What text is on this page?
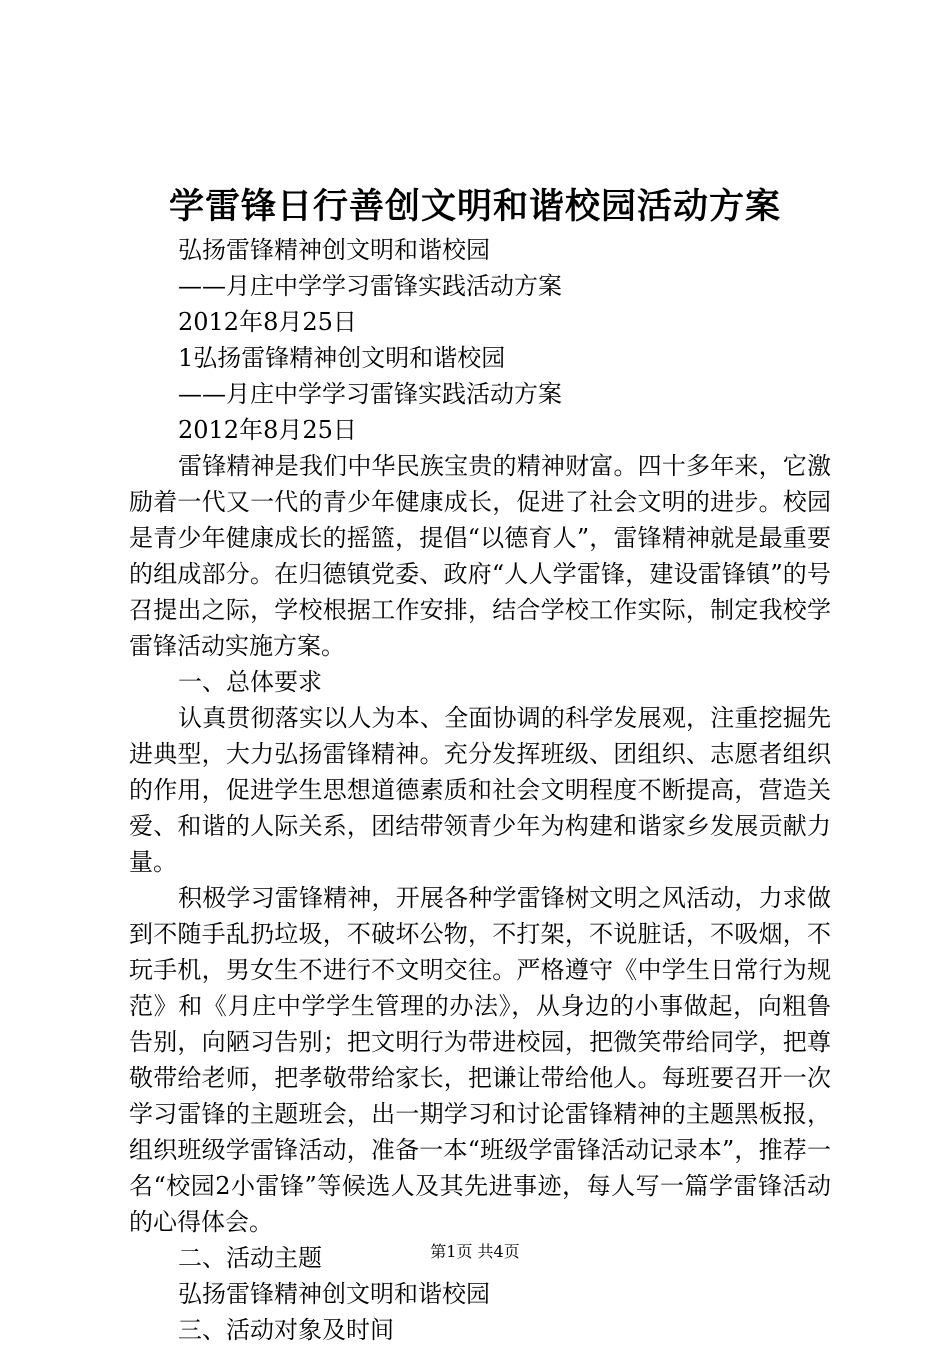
学雷锋日行善创文明和谐校园活动方案

弘扬雷锋精神创文明和谐校园

——月庄中学学习雷锋实践活动方案

2012年8月25日

1弘扬雷锋精神创文明和谐校园

——月庄中学学习雷锋实践活动方案

2012年8月25日

雷锋精神是我们中华民族宝贵的精神财富。四十多年来，它激励着一代又一代的青少年健康成长，促进了社会文明的进步。校园是青少年健康成长的摇篮，提倡“以德育人”，雷锋精神就是最重要的组成部分。在归德镇党委、政府“人人学雷锋，建设雷锋镇”的号召提出之际，学校根据工作安排，结合学校工作实际，制定我校学雷锋活动实施方案。

一、总体要求

认真贯彻落实以人为本、全面协调的科学发展观，注重挖掘先进典型，大力弘扬雷锋精神。充分发挥班级、团组织、志愿者组织的作用，促进学生思想道德素质和社会文明程度不断提高，营造关爱、和谐的人际关系，团结带领青少年为构建和谐家乡发展贡献力量。

积极学习雷锋精神，开展各种学雷锋树文明之风活动，力求做到不随手乱扔垃圾，不破坏公物，不打架，不说脏话，不吸烟，不玩手机，男女生不进行不文明交往。严格遵守《中学生日常行为规范》和《月庄中学学生管理的办法》，从身边的小事做起，向粗鲁告别，向陋习告别；把文明行为带进校园，把微笑带给同学，把尊敬带给老师，把孝敬带给家长，把谦让带给他人。每班要召开一次学习雷锋的主题班会，出一期学习和讨论雷锋精神的主题黑板报，组织班级学雷锋活动，准备一本“班级学雷锋活动记录本”，推荐一名“校园2小雷锋”等候选人及其先进事迹，每人写一篇学雷锋活动的心得体会。

二、活动主题

弘扬雷锋精神创文明和谐校园

三、活动对象及时间

第1页 共4页
